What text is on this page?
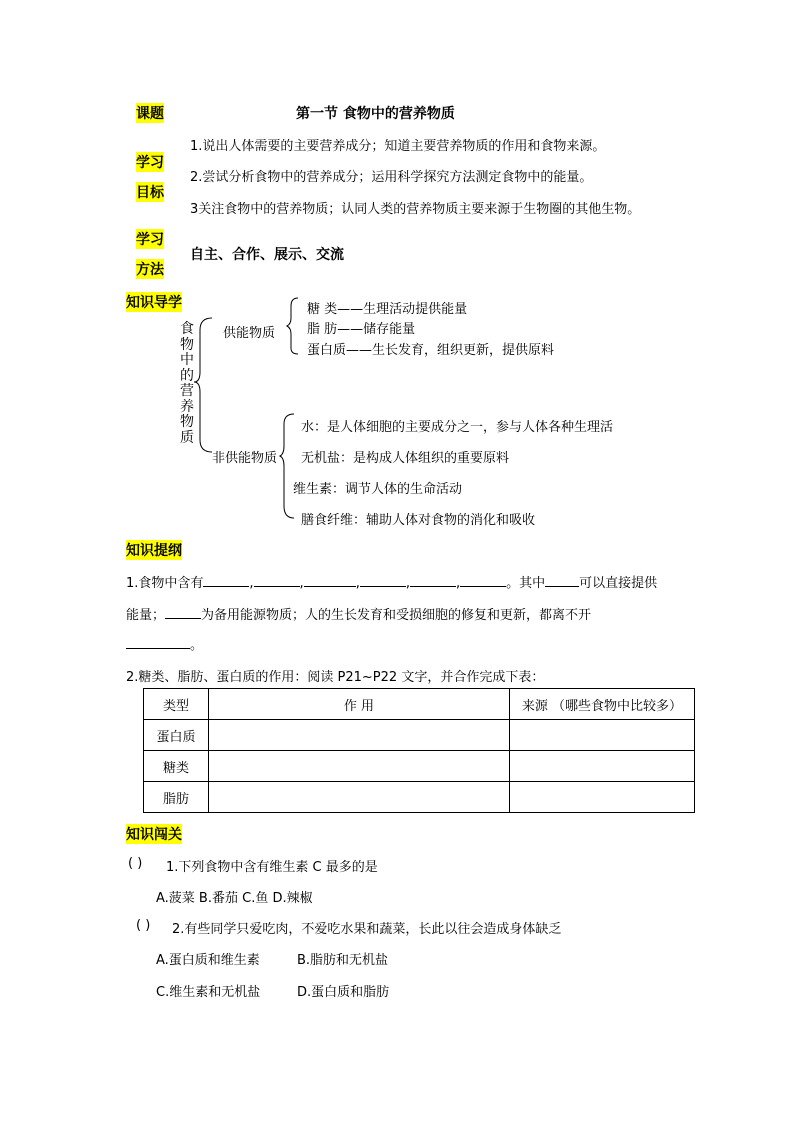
课题	第一节 食物中的营养物质
学习
目标
1.说出人体需要的主要营养成分；知道主要营养物质的作用和食物来源。
2.尝试分析食物中的营养成分；运用科学探究方法测定食物中的能量。
3关注食物中的营养物质；认同人类的营养物质主要来源于生物圈的其他生物。
学习
方法
自主、合作、展示、交流
知识导学
食物中的营养物质
供能物质
糖 类——生理活动提供能量
脂 肪——储存能量
蛋白质——生长发育，组织更新，提供原料
非供能物质
水：是人体细胞的主要成分之一，参与人体各种生理活
无机盐：是构成人体组织的重要原料
维生素：调节人体的生命活动
膳食纤维：辅助人体对食物的消化和吸收
知识提纲
1.食物中含有	,	,	,	,	,	。其中	可以直接提供
能量；	为备用能源物质；人的生长发育和受损细胞的修复和更新，都离不开
。
2.糖类、脂肪、蛋白质的作用：阅读 P21~P22 文字，并合作完成下表：
类型	作 用	来源 （哪些食物中比较多）
蛋白质		
糖类		
脂肪		
知识闯关
( ) 1.下列食物中含有维生素 C 最多的是
A.菠菜 B.番茄 C.鱼 D.辣椒
( ) 2.有些同学只爱吃肉，不爱吃水果和蔬菜，长此以往会造成身体缺乏
A.蛋白质和维生素	B.脂肪和无机盐
C.维生素和无机盐	D.蛋白质和脂肪
